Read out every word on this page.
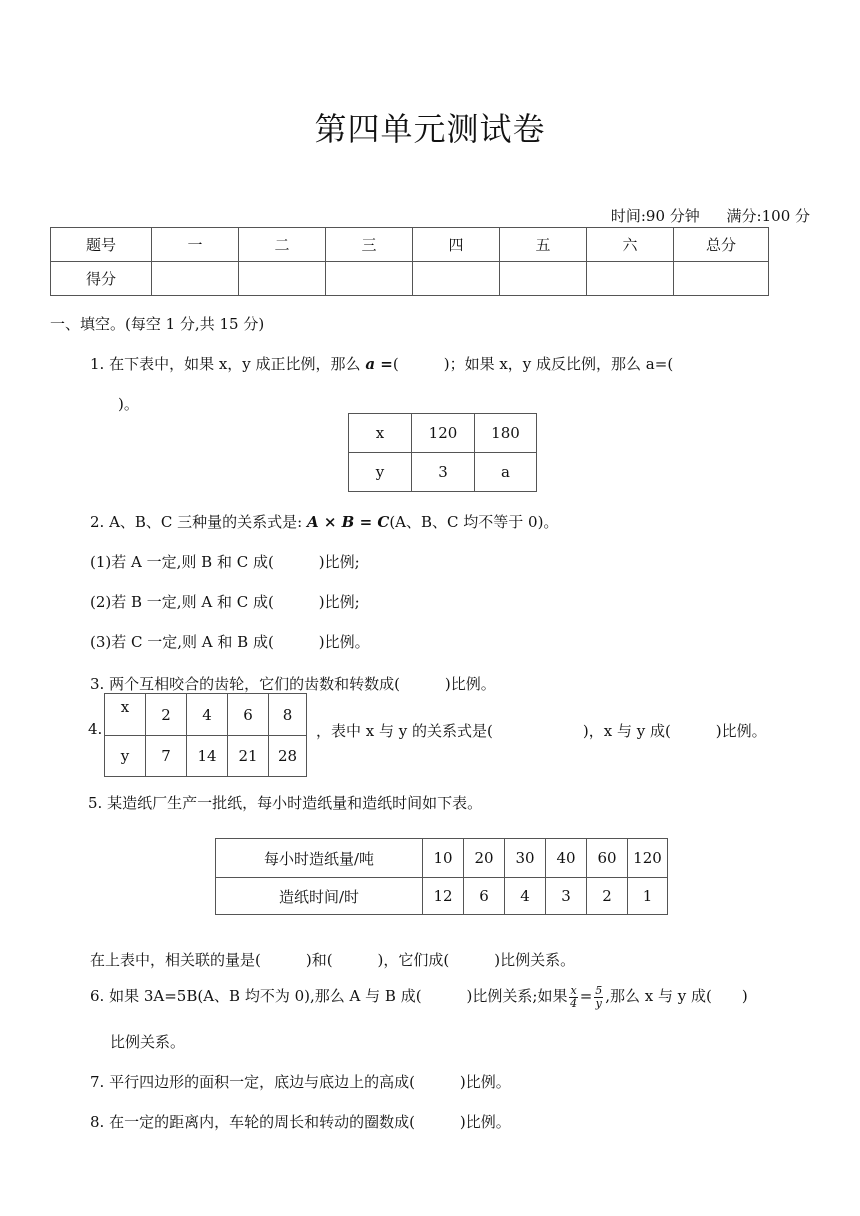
第四单元测试卷
时间:90 分钟 满分:100 分
题号	一	二	三	四	五	六	总分
得分							
一、填空。(每空 1 分,共 15 分)
1. 在下表中，如果 x，y 成正比例，那么 a =(　　　)；如果 x，y 成反比例，那么 a=(
)。
x	120	180
y	3	a
2. A、B、C 三种量的关系式是: A × B = C(A、B、C 均不等于 0)。
(1)若 A 一定,则 B 和 C 成(　　　)比例;
(2)若 B 一定,则 A 和 C 成(　　　)比例;
(3)若 C 一定,则 A 和 B 成(　　　)比例。
3. 两个互相咬合的齿轮，它们的齿数和转数成(　　　)比例。
4.
x	2	4	6	8
y	7	14	21	28
，表中 x 与 y 的关系式是(　　　　　　)，x 与 y 成(　　　)比例。
5. 某造纸厂生产一批纸，每小时造纸量和造纸时间如下表。
每小时造纸量/吨	10	20	30	40	60	120
造纸时间/时	12	6	4	3	2	1
在上表中，相关联的量是(　　　)和(　　　)，它们成(　　　)比例关系。
6. 如果 3A=5B(A、B 均不为 0),那么 A 与 B 成(　　　)比例关系;如果 $\frac{x}{4} = \frac{5}{y}$ ,那么 x 与 y 成(　　)
比例关系。
7. 平行四边形的面积一定，底边与底边上的高成(　　　)比例。
8. 在一定的距离内，车轮的周长和转动的圈数成(　　　)比例。
